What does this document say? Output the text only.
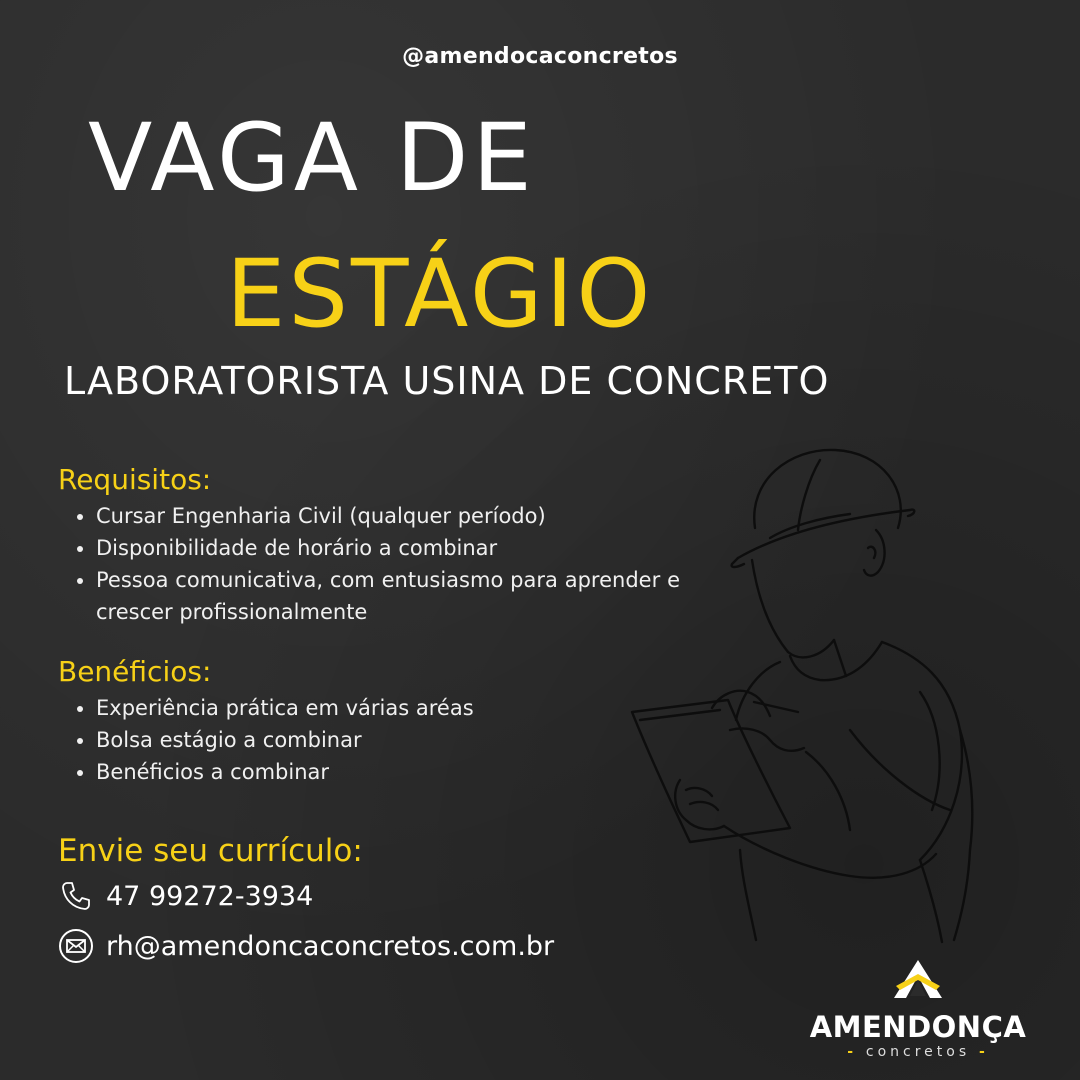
@amendocaconcretos
VAGA DE
ESTÁGIO
LABORATORISTA USINA DE CONCRETO
Requisitos:
• Cursar Engenharia Civil (qualquer período)
• Disponibilidade de horário a combinar
• Pessoa comunicativa, com entusiasmo para aprender e crescer profissionalmente
Benéficios:
• Experiência prática em várias aréas
• Bolsa estágio a combinar
• Benéficios a combinar
Envie seu currículo:
47 99272-3934
rh@amendoncaconcretos.com.br
AMENDONÇA
- concretos -
